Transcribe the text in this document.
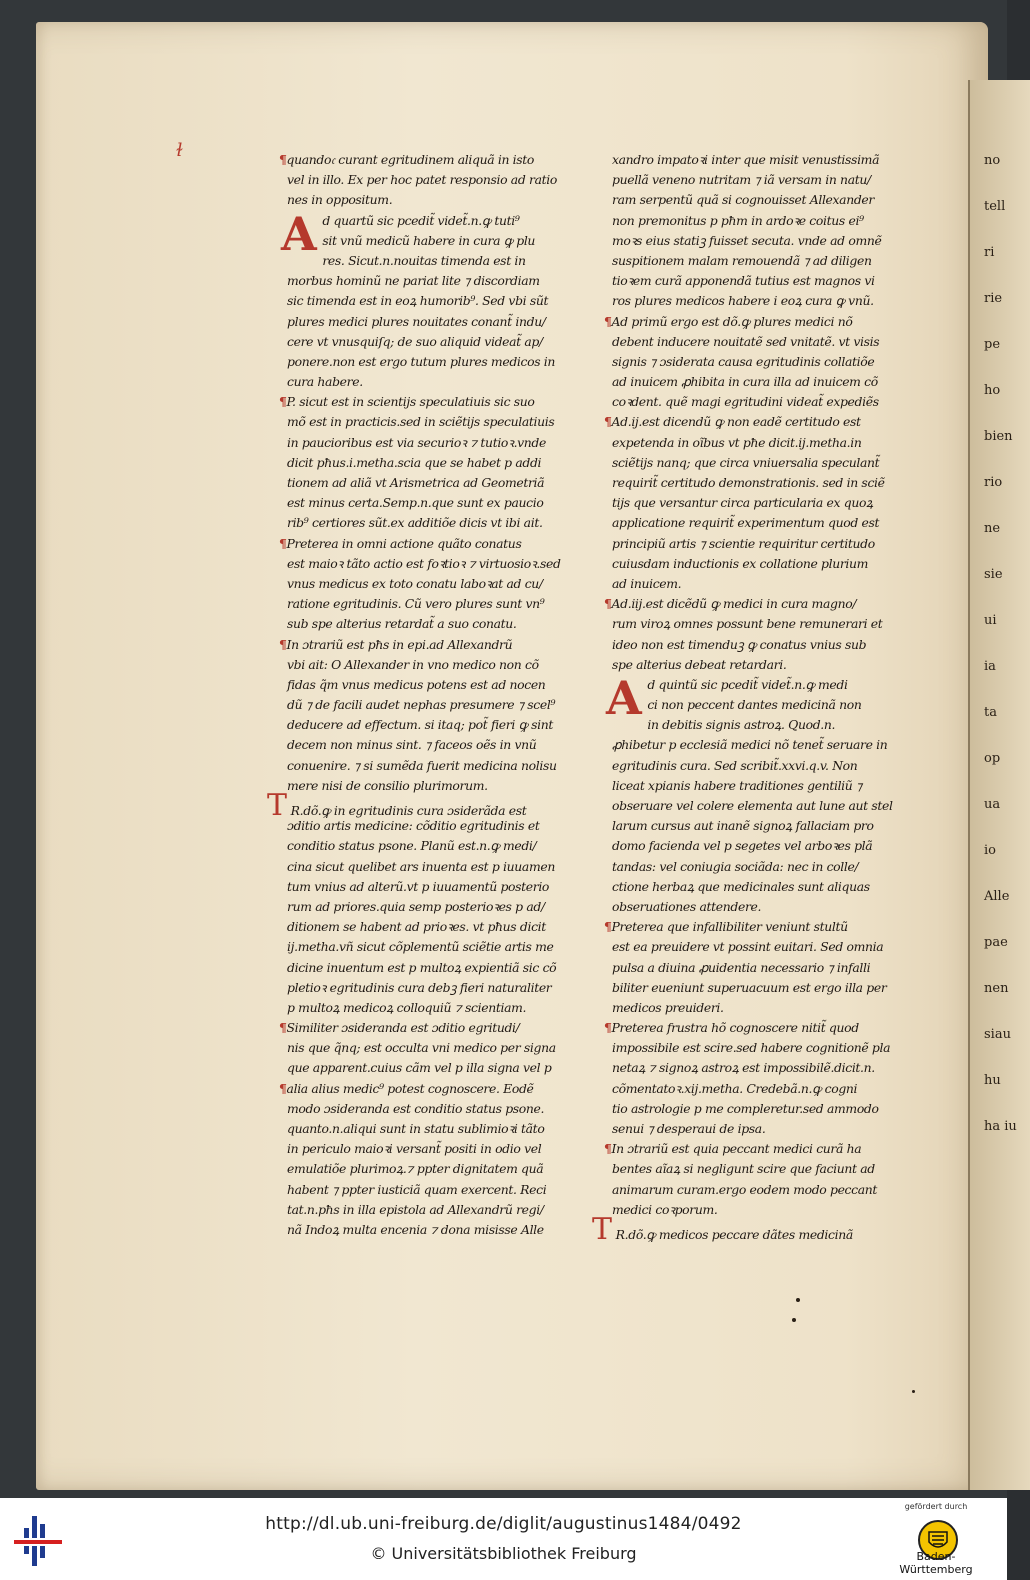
no
tell
ri
rie
pe
ho
bien
rio
ne
sie
ui
ia
ta
op
ua
io
Alle
pae
nen
siau
hu
ha iu
ɫ	¶quando𝔠 curant egritudinem aliquã in isto
vel in illo. Ex per hoc patet responsio ad ratio
nes in oppositum.
A d quartũ sic pcedit̃ videt̃.n.ꝙ tuti⁹
sit vnũ medicũ habere in cura ꝙ plu
res. Sicut.n.nouitas timenda est in
morbus hominũ ne pariat lite ⁊ discordiam
sic timenda est in eoꝝ humorib⁹. Sed vbi sũt
plures medici plures nouitates conant̃ indu/
cere vt vnusquiſq; de suo aliquid videat̃ ap/
ponere.non est ergo tutum plures medicos in
cura habere.
¶P. sicut est in scientijs speculatiuis sic suo
mõ est in practicis.sed in sciẽtijs speculatiuis
in paucioribus est via securioꝛ ⁊ tutioꝛ.vnde
dicit pħus.i.metha.scia que se habet p addi
tionem ad aliã vt Arismetrica ad Geometriã
est minus certa.Semp.n.que sunt ex paucio
rib⁹ certiores sũt.ex additiõe dicis vt ibi ait.
¶Preterea in omni actione quãto conatus
est maioꝛ tãto actio est foꝛtioꝛ ⁊ virtuosioꝛ.sed
vnus medicus ex toto conatu laboꝛat ad cu/
ratione egritudinis. Cũ vero plures sunt vn⁹
sub spe alterius retardat̃ a suo conatu.
¶In ɔtrariũ est pħs in epi.ad Allexandrũ
vbi ait: O Allexander in vno medico non cõ
fidas q̃m vnus medicus potens est ad nocen
dũ ⁊ de facili audet nephas presumere ⁊ scel⁹
deducere ad effectum. si itaq; pot̃ fieri ꝙ sint
decem non minus sint. ⁊ faceos oẽs in vnũ
conuenire. ⁊ si sumẽda fuerit medicina nolisu
mere nisi de consilio plurimorum.
T R.dõ.ꝙ in egritudinis cura ɔsiderãda est
ɔditio artis medicine: cõditio egritudinis et
conditio status psone. Planũ est.n.ꝙ medi/
cina sicut quelibet ars inuenta est p iuuamen
tum vnius ad alterũ.vt p iuuamentũ posterio
rum ad priores.quia semp posterioꝛes p ad/
ditionem se habent ad prioꝛes. vt pħus dicit
ij.metha.vñ sicut cõplementũ sciẽtie artis me
dicine inuentum est p multoꝝ expientiã sic cõ
pletioꝛ egritudinis cura debꝫ fieri naturaliter
p multoꝝ medicoꝝ colloquiũ ⁊ scientiam.
¶Similiter ɔsideranda est ɔditio egritudi/
nis que q̃nq; est occulta vni medico per signa
que apparent.cuius cãm vel p illa signa vel p
¶alia alius medic⁹ potest cognoscere. Eodẽ
modo ɔsideranda est conditio status psone.
quanto.n.aliqui sunt in statu sublimioꝛi tãto
in periculo maioꝛi versant̃ positi in odio vel
emulatiõe plurimoꝝ.⁊ ppter dignitatem quã
habent ⁊ ppter iusticiã quam exercent. Reci
tat.n.pħs in illa epistola ad Allexandrũ regi/
nã Indoꝝ multa encenia ⁊ dona misisse Alle
xandro impatoꝛi inter que misit venustissimã
puellã veneno nutritam ⁊ iã versam in natu/
ram serpentũ quã si cognouisset Allexander
non premonitus p pħm in ardoꝛe coitus ei⁹
moꝛs eius statiꝫ fuisset secuta. vnde ad omnẽ
suspitionem malam remouendã ⁊ ad diligen
tioꝛem curã apponendã tutius est magnos vi
ros plures medicos habere i eoꝝ cura ꝙ vnũ.
¶Ad primũ ergo est dõ.ꝙ plures medici nõ
debent inducere nouitatẽ sed vnitatẽ. vt visis
signis ⁊ ɔsiderata causa egritudinis collatiõe
ad inuicem ꝓhibita in cura illa ad inuicem cõ
coꝛdent. quẽ magi egritudini videat̃ expediẽs
¶Ad.ij.est dicendũ ꝙ non eadẽ certitudo est
expetenda in oĩbus vt pħe dicit.ij.metha.in
sciẽtijs nanq; que circa vniuersalia speculant̃
requirit̃ certitudo demonstrationis. sed in sciẽ
tijs que versantur circa particularia ex quoꝝ
applicatione requirit̃ experimentum quod est
principiũ artis ⁊ scientie requiritur certitudo
cuiusdam inductionis ex collatione plurium
ad inuicem.
¶Ad.iij.est dicẽdũ ꝙ medici in cura magno/
rum viroꝝ omnes possunt bene remunerari et
ideo non est timenduꝫ ꝙ conatus vnius sub
spe alterius debeat retardari.
A d quintũ sic pcedit̃ videt̃.n.ꝙ medi
ci non peccent dantes medicinã non
in debitis signis astroꝝ. Quod.n.
ꝓhibetur p ecclesiã medici nõ tenet̃ seruare in
egritudinis cura. Sed scribit̃.xxvi.q.v. Non
liceat xpianis habere traditiones gentiliũ ⁊
obseruare vel colere elementa aut lune aut stel
larum cursus aut inanẽ signoꝝ fallaciam pro
domo facienda vel p segetes vel arboꝛes plã
tandas: vel coniugia sociãda: nec in colle/
ctione herbaꝝ que medicinales sunt aliquas
obseruationes attendere.
¶Preterea que infallibiliter veniunt stultũ
est ea preuidere vt possint euitari. Sed omnia
pulsa a diuina ꝓuidentia necessario ⁊ infalli
biliter eueniunt superuacuum est ergo illa per
medicos preuideri.
¶Preterea frustra hõ cognoscere nitit̃ quod
impossibile est scire.sed habere cognitionẽ pla
netaꝝ ⁊ signoꝝ astroꝝ est impossibilẽ.dicit.n.
cõmentatoꝛ.xij.metha. Credebã.n.ꝙ cogni
tio astrologie p me compleretur.sed ammodo
senui ⁊ desperaui de ipsa.
¶In ɔtrariũ est quia peccant medici curã ha
bentes aĩaꝝ si negligunt scire que faciunt ad
animarum curam.ergo eodem modo peccant
medici coꝛporum.
T R.dõ.ꝙ medicos peccare dãtes medicinã
http://dl.ub.uni-freiburg.de/diglit/augustinus1484/0492
© Universitätsbibliothek Freiburg
gefördert durch
Baden-Württemberg
